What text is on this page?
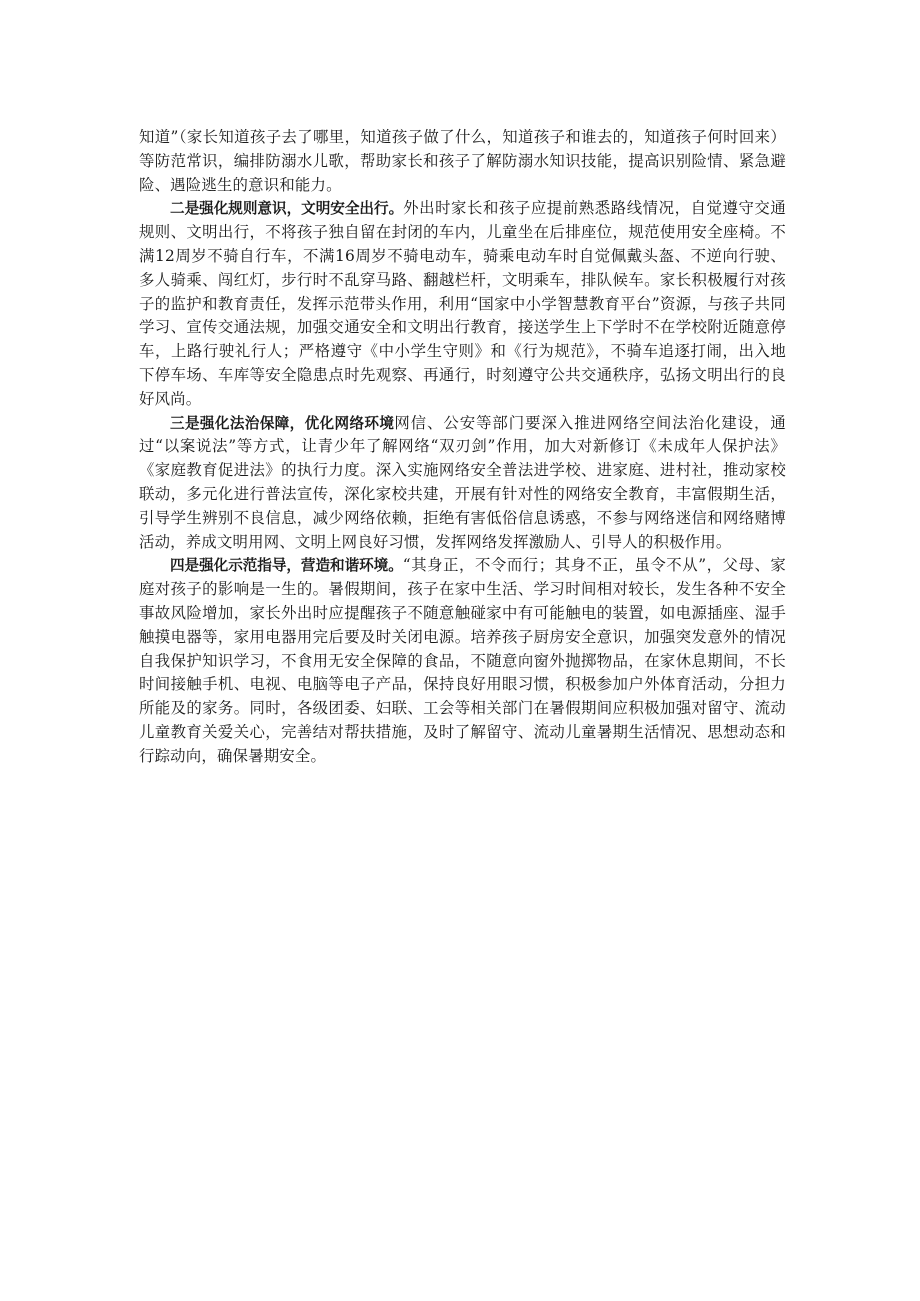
知道”（家长知道孩子去了哪里，知道孩子做了什么，知道孩子和谁去的，知道孩子何时回来）等防范常识，编排防溺水儿歌，帮助家长和孩子了解防溺水知识技能，提高识别险情、紧急避险、遇险逃生的意识和能力。

二是强化规则意识，文明安全出行。外出时家长和孩子应提前熟悉路线情况，自觉遵守交通规则、文明出行，不将孩子独自留在封闭的车内，儿童坐在后排座位，规范使用安全座椅。不满12周岁不骑自行车，不满16周岁不骑电动车，骑乘电动车时自觉佩戴头盔、不逆向行驶、多人骑乘、闯红灯，步行时不乱穿马路、翻越栏杆，文明乘车，排队候车。家长积极履行对孩子的监护和教育责任，发挥示范带头作用，利用“国家中小学智慧教育平台”资源，与孩子共同学习、宣传交通法规，加强交通安全和文明出行教育，接送学生上下学时不在学校附近随意停车，上路行驶礼行人；严格遵守《中小学生守则》和《行为规范》，不骑车追逐打闹，出入地下停车场、车库等安全隐患点时先观察、再通行，时刻遵守公共交通秩序，弘扬文明出行的良好风尚。

三是强化法治保障，优化网络环境网信、公安等部门要深入推进网络空间法治化建设，通过“以案说法”等方式，让青少年了解网络“双刃剑”作用，加大对新修订《未成年人保护法》《家庭教育促进法》的执行力度。深入实施网络安全普法进学校、进家庭、进村社，推动家校联动，多元化进行普法宣传，深化家校共建，开展有针对性的网络安全教育，丰富假期生活，引导学生辨别不良信息，减少网络依赖，拒绝有害低俗信息诱惑，不参与网络迷信和网络赌博活动，养成文明用网、文明上网良好习惯，发挥网络发挥激励人、引导人的积极作用。

四是强化示范指导，营造和谐环境。“其身正，不令而行；其身不正，虽令不从”，父母、家庭对孩子的影响是一生的。暑假期间，孩子在家中生活、学习时间相对较长，发生各种不安全事故风险增加，家长外出时应提醒孩子不随意触碰家中有可能触电的装置，如电源插座、湿手触摸电器等，家用电器用完后要及时关闭电源。培养孩子厨房安全意识，加强突发意外的情况自我保护知识学习，不食用无安全保障的食品，不随意向窗外抛掷物品，在家休息期间，不长时间接触手机、电视、电脑等电子产品，保持良好用眼习惯，积极参加户外体育活动，分担力所能及的家务。同时，各级团委、妇联、工会等相关部门在暑假期间应积极加强对留守、流动儿童教育关爱关心，完善结对帮扶措施，及时了解留守、流动儿童暑期生活情况、思想动态和行踪动向，确保暑期安全。
